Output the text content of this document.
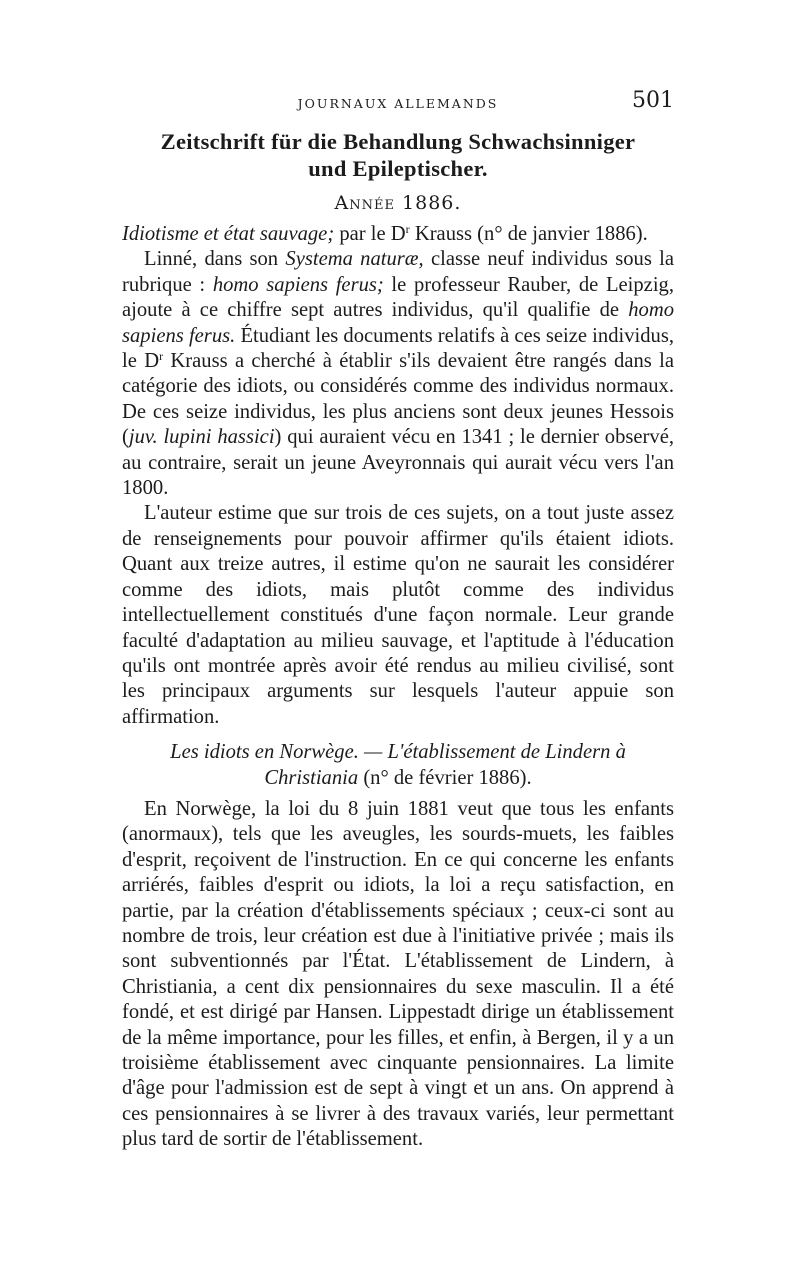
JOURNAUX ALLEMANDS	501
Zeitschrift für die Behandlung Schwachsinniger
und Epileptischer.
Année 1886.

Idiotisme et état sauvage; par le $D^r$ Krauss (n° de janvier 1886).

Linné, dans son Systema naturæ, classe neuf individus sous la rubrique : homo sapiens ferus; le professeur Rauber, de Leipzig, ajoute à ce chiffre sept autres individus, qu'il qualifie de homo sapiens ferus. Étudiant les documents relatifs à ces seize individus, le $D^r$ Krauss a cherché à établir s'ils devaient être rangés dans la catégorie des idiots, ou considérés comme des individus normaux. De ces seize individus, les plus anciens sont deux jeunes Hessois (juv. lupini hassici) qui auraient vécu en 1341 ; le dernier observé, au contraire, serait un jeune Aveyronnais qui aurait vécu vers l'an 1800.

L'auteur estime que sur trois de ces sujets, on a tout juste assez de renseignements pour pouvoir affirmer qu'ils étaient idiots. Quant aux treize autres, il estime qu'on ne saurait les considérer comme des idiots, mais plutôt comme des individus intellectuellement constitués d'une façon normale. Leur grande faculté d'adaptation au milieu sauvage, et l'aptitude à l'éducation qu'ils ont montrée après avoir été rendus au milieu civilisé, sont les principaux arguments sur lesquels l'auteur appuie son affirmation.

Les idiots en Norwège. — L'établissement de Lindern à Christiania (n° de février 1886).

En Norwège, la loi du 8 juin 1881 veut que tous les enfants (anormaux), tels que les aveugles, les sourds-muets, les faibles d'esprit, reçoivent de l'instruction. En ce qui concerne les enfants arriérés, faibles d'esprit ou idiots, la loi a reçu satisfaction, en partie, par la création d'établissements spéciaux ; ceux-ci sont au nombre de trois, leur création est due à l'initiative privée ; mais ils sont subventionnés par l'État. L'établissement de Lindern, à Christiania, a cent dix pensionnaires du sexe masculin. Il a été fondé, et est dirigé par Hansen. Lippestadt dirige un établissement de la même importance, pour les filles, et enfin, à Bergen, il y a un troisième établissement avec cinquante pensionnaires. La limite d'âge pour l'admission est de sept à vingt et un ans. On apprend à ces pensionnaires à se livrer à des travaux variés, leur permettant plus tard de sortir de l'établissement.
